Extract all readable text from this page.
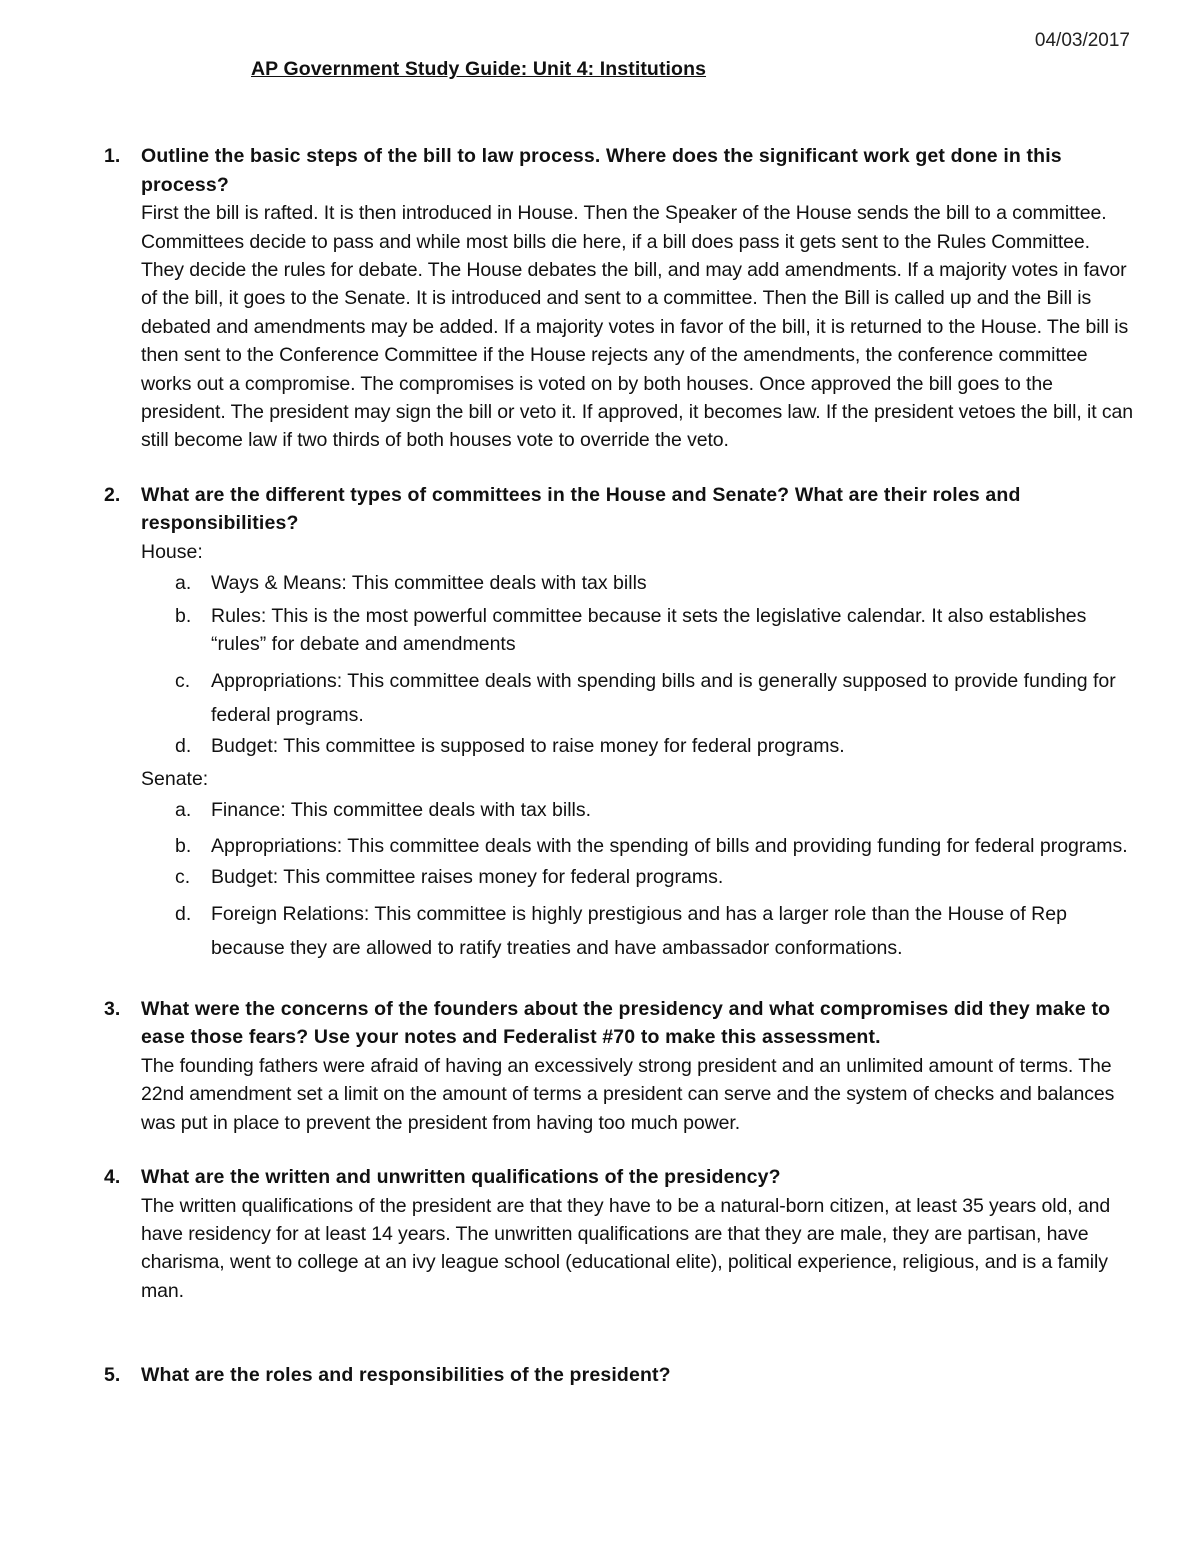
04/03/2017
AP Government Study Guide: Unit 4: Institutions
1. Outline the basic steps of the bill to law process. Where does the significant work get done in this process?
First the bill is rafted. It is then introduced in House. Then the Speaker of the House sends the bill to a committee. Committees decide to pass and while most bills die here, if a bill does pass it gets sent to the Rules Committee. They decide the rules for debate. The House debates the bill, and may add amendments. If a majority votes in favor of the bill, it goes to the Senate. It is introduced and sent to a committee. Then the Bill is called up and the Bill is debated and amendments may be added. If a majority votes in favor of the bill, it is returned to the House. The bill is then sent to the Conference Committee if the House rejects any of the amendments, the conference committee works out a compromise. The compromises is voted on by both houses. Once approved the bill goes to the president. The president may sign the bill or veto it. If approved, it becomes law. If the president vetoes the bill, it can still become law if two thirds of both houses vote to override the veto.
2. What are the different types of committees in the House and Senate? What are their roles and responsibilities?
House:
a. Ways & Means: This committee deals with tax bills
b. Rules: This is the most powerful committee because it sets the legislative calendar. It also establishes “rules” for debate and amendments
c. Appropriations: This committee deals with spending bills and is generally supposed to provide funding for federal programs.
d. Budget: This committee is supposed to raise money for federal programs.
Senate:
a. Finance: This committee deals with tax bills.
b. Appropriations: This committee deals with the spending of bills and providing funding for federal programs.
c. Budget: This committee raises money for federal programs.
d. Foreign Relations: This committee is highly prestigious and has a larger role than the House of Rep because they are allowed to ratify treaties and have ambassador conformations.
3. What were the concerns of the founders about the presidency and what compromises did they make to ease those fears? Use your notes and Federalist #70 to make this assessment.
The founding fathers were afraid of having an excessively strong president and an unlimited amount of terms. The 22nd amendment set a limit on the amount of terms a president can serve and the system of checks and balances was put in place to prevent the president from having too much power.
4. What are the written and unwritten qualifications of the presidency?
The written qualifications of the president are that they have to be a natural-born citizen, at least 35 years old, and have residency for at least 14 years. The unwritten qualifications are that they are male, they are partisan, have charisma, went to college at an ivy league school (educational elite), political experience, religious, and is a family man.
5. What are the roles and responsibilities of the president?
